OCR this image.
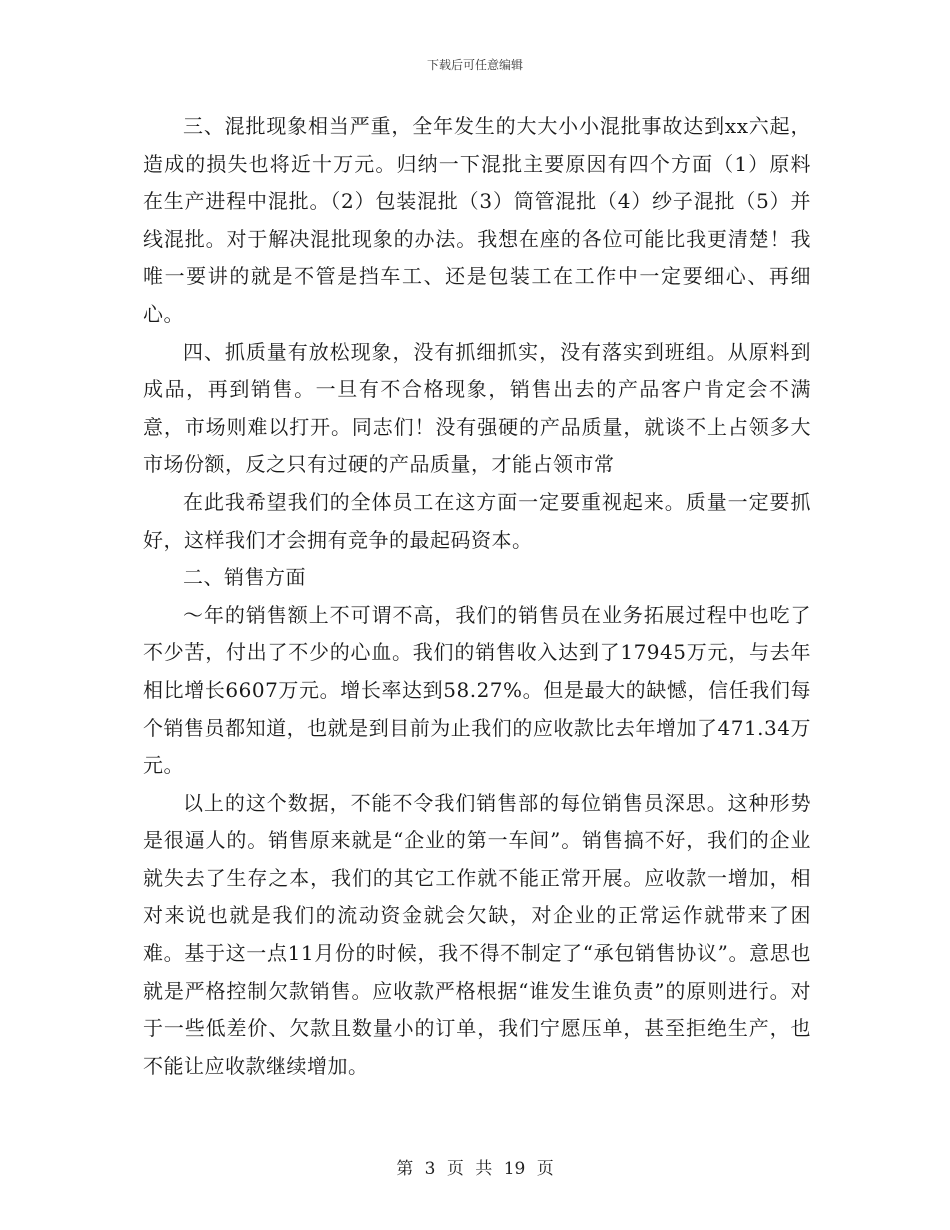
下载后可任意编辑

三、混批现象相当严重，全年发生的大大小小混批事故达到xx六起，造成的损失也将近十万元。归纳一下混批主要原因有四个方面（1）原料在生产进程中混批。（2）包装混批（3）筒管混批（4）纱子混批（5）并线混批。对于解决混批现象的办法。我想在座的各位可能比我更清楚！我唯一要讲的就是不管是挡车工、还是包装工在工作中一定要细心、再细心。

四、抓质量有放松现象，没有抓细抓实，没有落实到班组。从原料到成品，再到销售。一旦有不合格现象，销售出去的产品客户肯定会不满意，市场则难以打开。同志们！没有强硬的产品质量，就谈不上占领多大市场份额，反之只有过硬的产品质量，才能占领市常

在此我希望我们的全体员工在这方面一定要重视起来。质量一定要抓好，这样我们才会拥有竞争的最起码资本。

二、销售方面

～年的销售额上不可谓不高，我们的销售员在业务拓展过程中也吃了不少苦，付出了不少的心血。我们的销售收入达到了17945万元，与去年相比增长6607万元。增长率达到58.27%。但是最大的缺憾，信任我们每个销售员都知道，也就是到目前为止我们的应收款比去年增加了471.34万元。

以上的这个数据，不能不令我们销售部的每位销售员深思。这种形势是很逼人的。销售原来就是“企业的第一车间”。销售搞不好，我们的企业就失去了生存之本，我们的其它工作就不能正常开展。应收款一增加，相对来说也就是我们的流动资金就会欠缺，对企业的正常运作就带来了困难。基于这一点11月份的时候，我不得不制定了“承包销售协议”。意思也就是严格控制欠款销售。应收款严格根据“谁发生谁负责”的原则进行。对于一些低差价、欠款且数量小的订单，我们宁愿压单，甚至拒绝生产，也不能让应收款继续增加。

第 3 页 共 19 页
